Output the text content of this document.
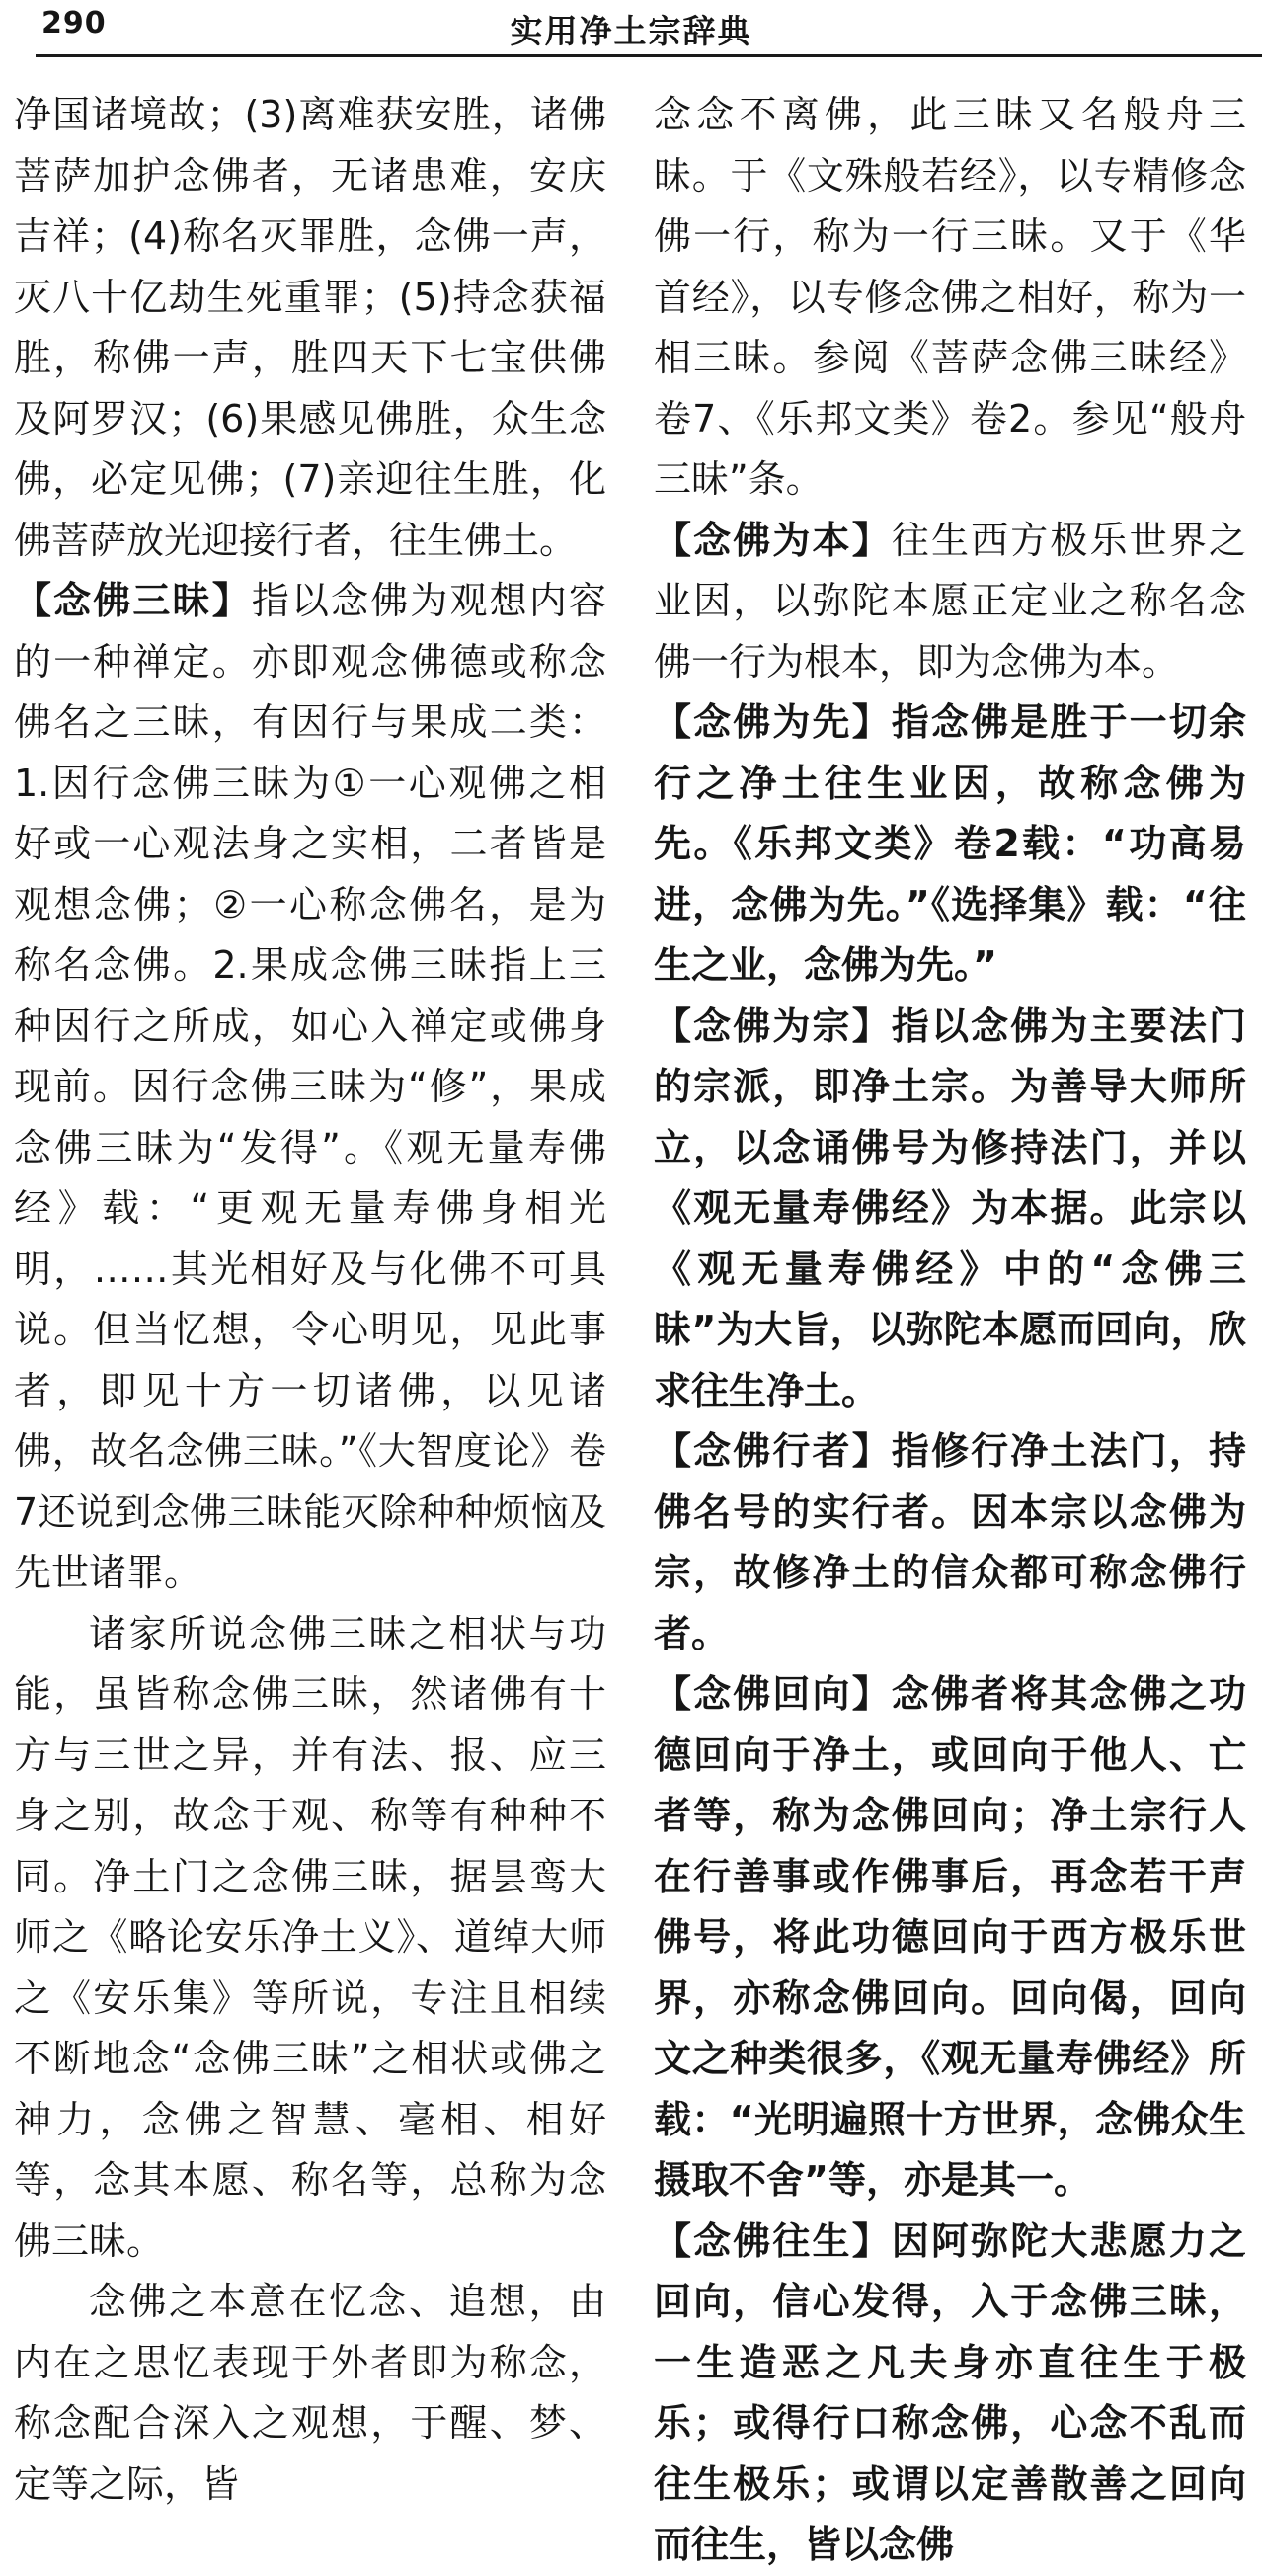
290	实用净土宗辞典

净国诸境故；(3)离难获安胜，诸佛菩萨加护念佛者，无诸患难，安庆吉祥；(4)称名灭罪胜，念佛一声，灭八十亿劫生死重罪；(5)持念获福胜，称佛一声，胜四天下七宝供佛及阿罗汉；(6)果感见佛胜，众生念佛，必定见佛；(7)亲迎往生胜，化佛菩萨放光迎接行者，往生佛土。

【念佛三昧】指以念佛为观想内容的一种禅定。亦即观念佛德或称念佛名之三昧，有因行与果成二类：1.因行念佛三昧为①一心观佛之相好或一心观法身之实相，二者皆是观想念佛；②一心称念佛名，是为称名念佛。2.果成念佛三昧指上三种因行之所成，如心入禅定或佛身现前。因行念佛三昧为“修”，果成念佛三昧为“发得”。《观无量寿佛经》载：“更观无量寿佛身相光明，……其光相好及与化佛不可具说。但当忆想，令心明见，见此事者，即见十方一切诸佛，以见诸佛，故名念佛三昧。”《大智度论》卷7还说到念佛三昧能灭除种种烦恼及先世诸罪。

诸家所说念佛三昧之相状与功能，虽皆称念佛三昧，然诸佛有十方与三世之异，并有法、报、应三身之别，故念于观、称等有种种不同。净土门之念佛三昧，据昙鸾大师之《略论安乐净土义》、道绰大师之《安乐集》等所说，专注且相续不断地念“念佛三昧”之相状或佛之神力，念佛之智慧、毫相、相好等，念其本愿、称名等，总称为念佛三昧。

念佛之本意在忆念、追想，由内在之思忆表现于外者即为称念，称念配合深入之观想，于醒、梦、定等之际，皆

念念不离佛，此三昧又名般舟三昧。于《文殊般若经》，以专精修念佛一行，称为一行三昧。又于《华首经》，以专修念佛之相好，称为一相三昧。参阅《菩萨念佛三昧经》卷7、《乐邦文类》卷2。参见“般舟三昧”条。

【念佛为本】往生西方极乐世界之业因，以弥陀本愿正定业之称名念佛一行为根本，即为念佛为本。

【念佛为先】指念佛是胜于一切余行之净土往生业因，故称念佛为先。《乐邦文类》卷2载：“功高易进，念佛为先。”《选择集》载：“往生之业，念佛为先。”

【念佛为宗】指以念佛为主要法门的宗派，即净土宗。为善导大师所立，以念诵佛号为修持法门，并以《观无量寿佛经》为本据。此宗以《观无量寿佛经》中的“念佛三昧”为大旨，以弥陀本愿而回向，欣求往生净土。

【念佛行者】指修行净土法门，持佛名号的实行者。因本宗以念佛为宗，故修净土的信众都可称念佛行者。

【念佛回向】念佛者将其念佛之功德回向于净土，或回向于他人、亡者等，称为念佛回向；净土宗行人在行善事或作佛事后，再念若干声佛号，将此功德回向于西方极乐世界，亦称念佛回向。回向偈，回向文之种类很多，《观无量寿佛经》所载：“光明遍照十方世界，念佛众生摄取不舍”等，亦是其一。

【念佛往生】因阿弥陀大悲愿力之回向，信心发得，入于念佛三昧，一生造恶之凡夫身亦直往生于极乐；或得行口称念佛，心念不乱而往生极乐；或谓以定善散善之回向而往生，皆以念佛
